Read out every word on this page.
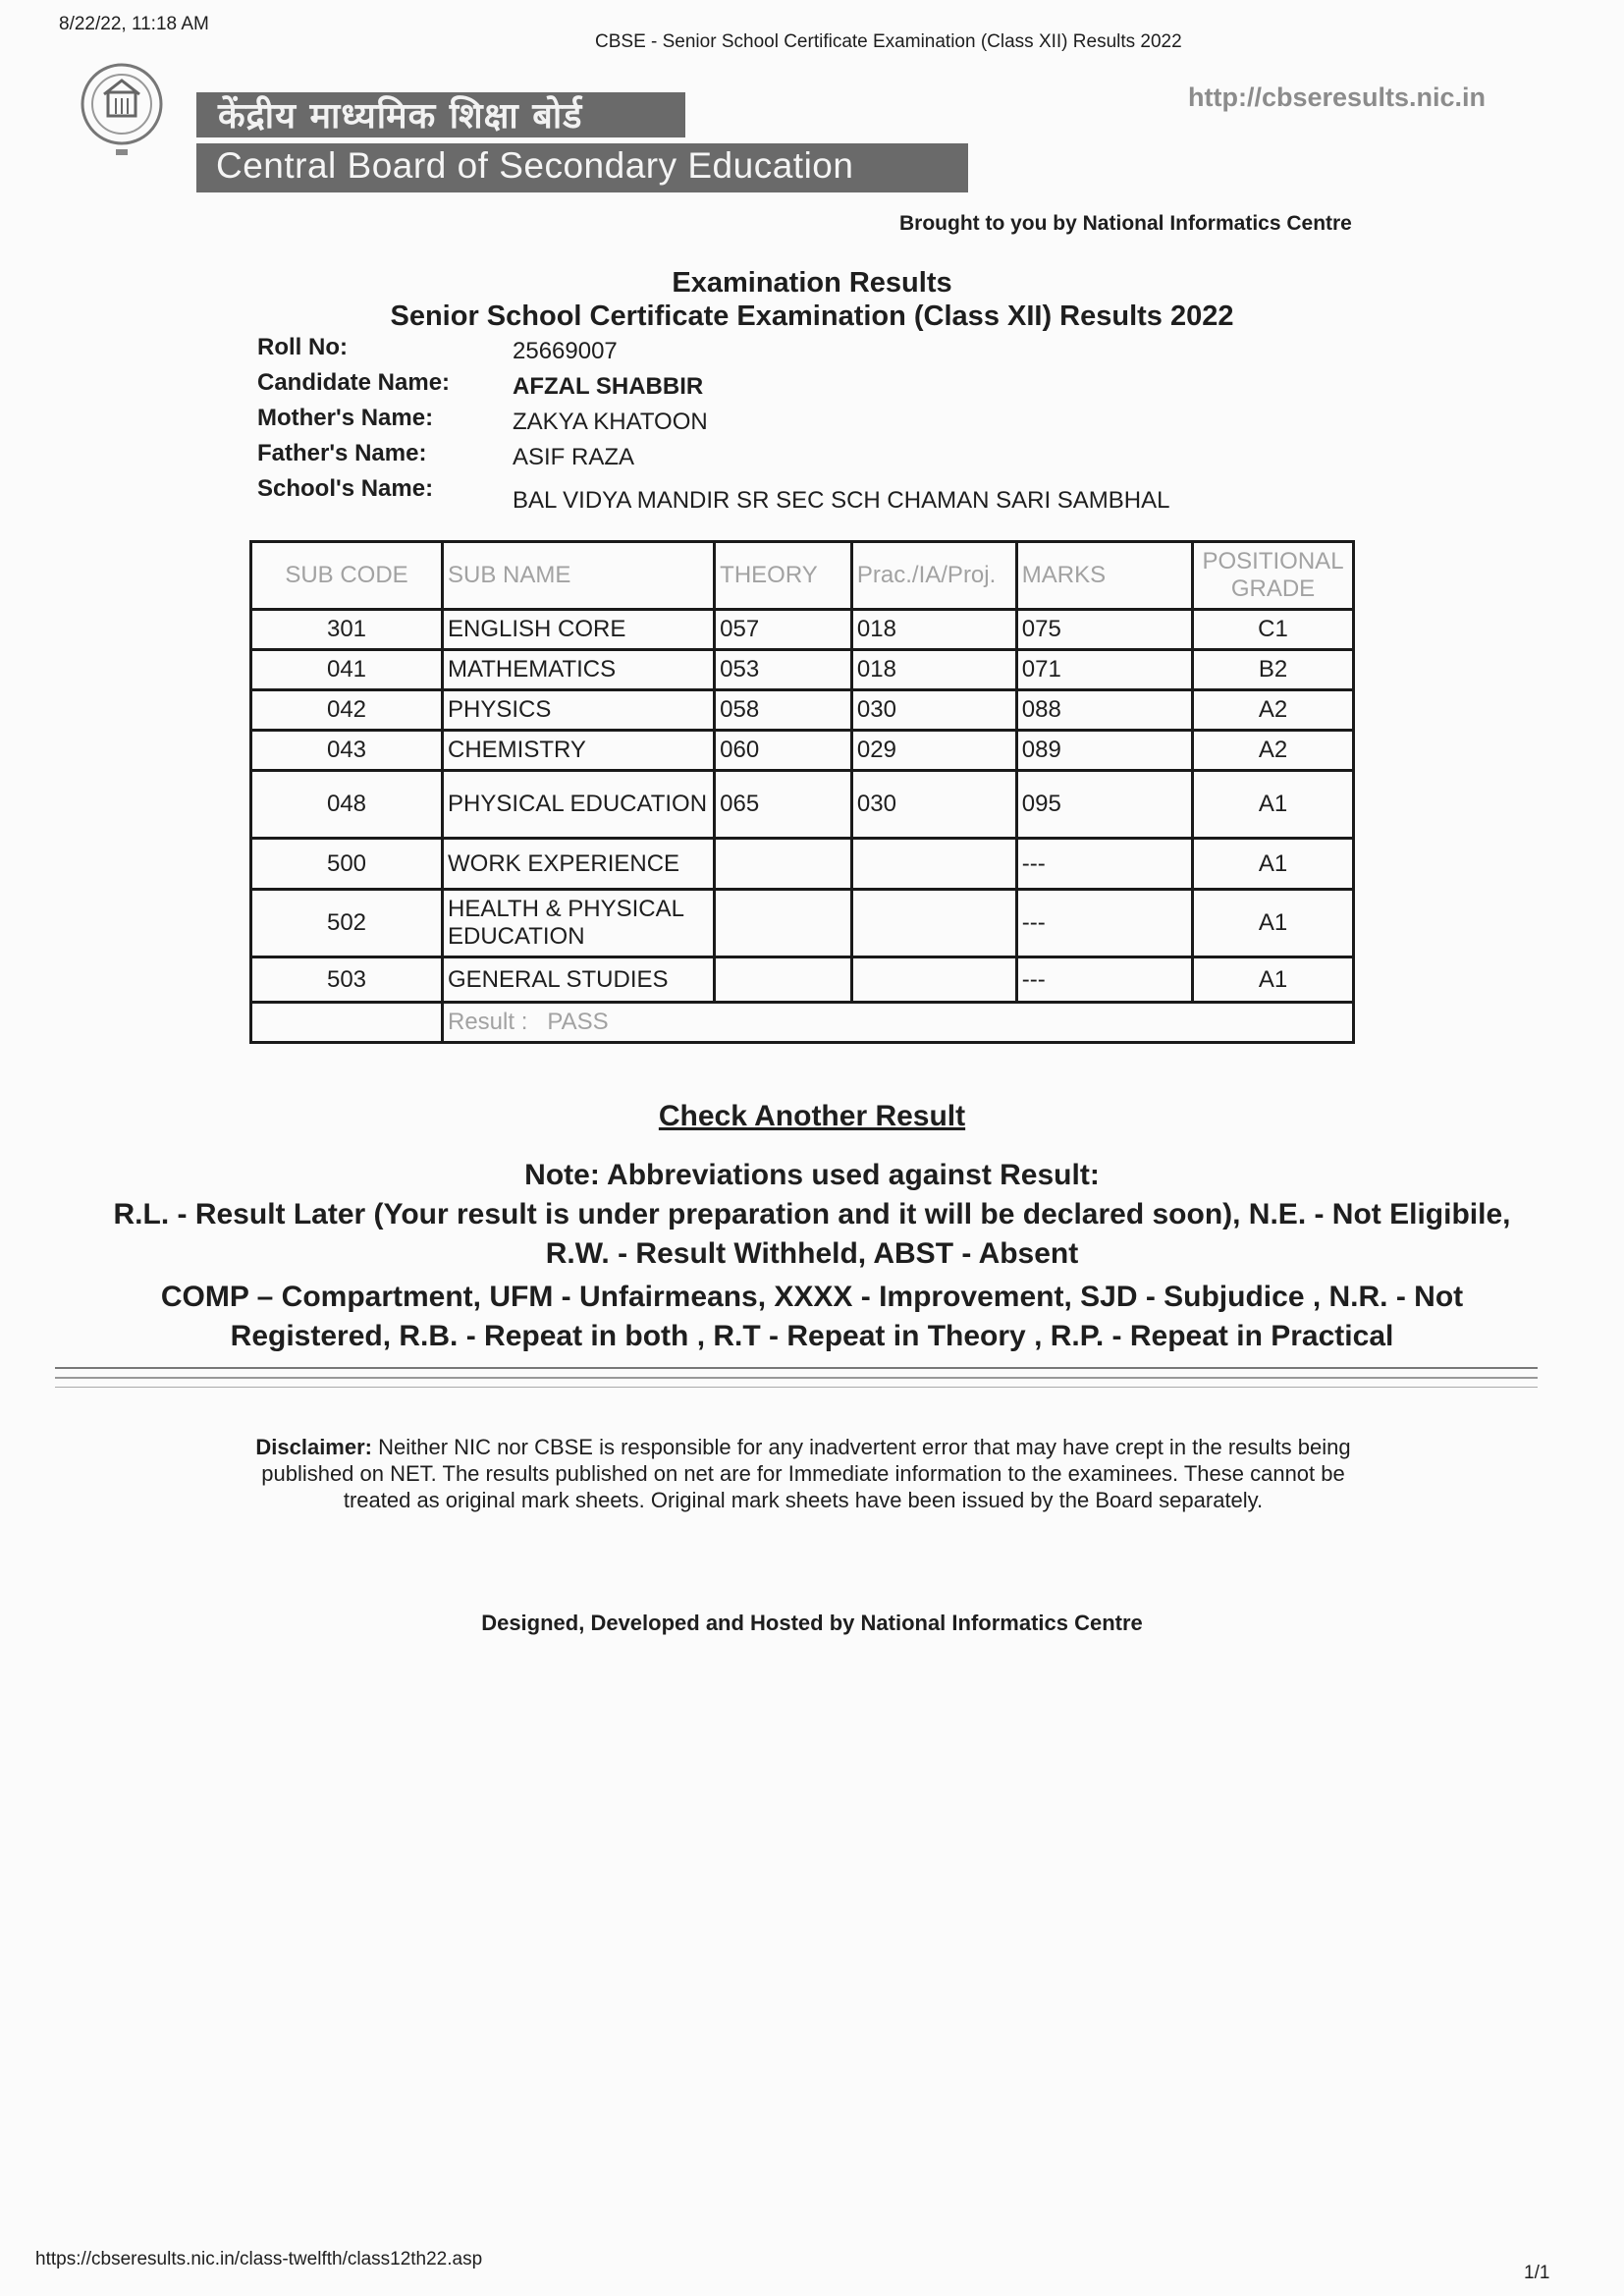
8/22/22, 11:18 AM
CBSE - Senior School Certificate Examination (Class XII) Results 2022
http://cbseresults.nic.in
केंद्रीय माध्यमिक शिक्षा बोर्ड
Central Board of Secondary Education
Brought to you by National Informatics Centre
Examination Results
Senior School Certificate Examination (Class XII) Results 2022
Roll No:	25669007
Candidate Name:	AFZAL SHABBIR
Mother's Name:	ZAKYA KHATOON
Father's Name:	ASIF RAZA
School's Name:	BAL VIDYA MANDIR SR SEC SCH CHAMAN SARI SAMBHAL
SUB CODE	SUB NAME	THEORY	Prac./IA/Proj.	MARKS	POSITIONAL GRADE
301	ENGLISH CORE	057	018	075	C1
041	MATHEMATICS	053	018	071	B2
042	PHYSICS	058	030	088	A2
043	CHEMISTRY	060	029	089	A2
048	PHYSICAL EDUCATION	065	030	095	A1
500	WORK EXPERIENCE			---	A1
502	HEALTH & PHYSICAL EDUCATION			---	A1
503	GENERAL STUDIES			---	A1
	Result : PASS				
Check Another Result
Note: Abbreviations used against Result:
R.L. - Result Later (Your result is under preparation and it will be declared soon), N.E. - Not Eligibile,
R.W. - Result Withheld, ABST - Absent
COMP – Compartment, UFM - Unfairmeans, XXXX - Improvement, SJD - Subjudice , N.R. - Not
Registered, R.B. - Repeat in both , R.T - Repeat in Theory , R.P. - Repeat in Practical
Disclaimer: Neither NIC nor CBSE is responsible for any inadvertent error that may have crept in the results being published on NET. The results published on net are for Immediate information to the examinees. These cannot be treated as original mark sheets. Original mark sheets have been issued by the Board separately.
Designed, Developed and Hosted by National Informatics Centre
https://cbseresults.nic.in/class-twelfth/class12th22.asp
1/1
